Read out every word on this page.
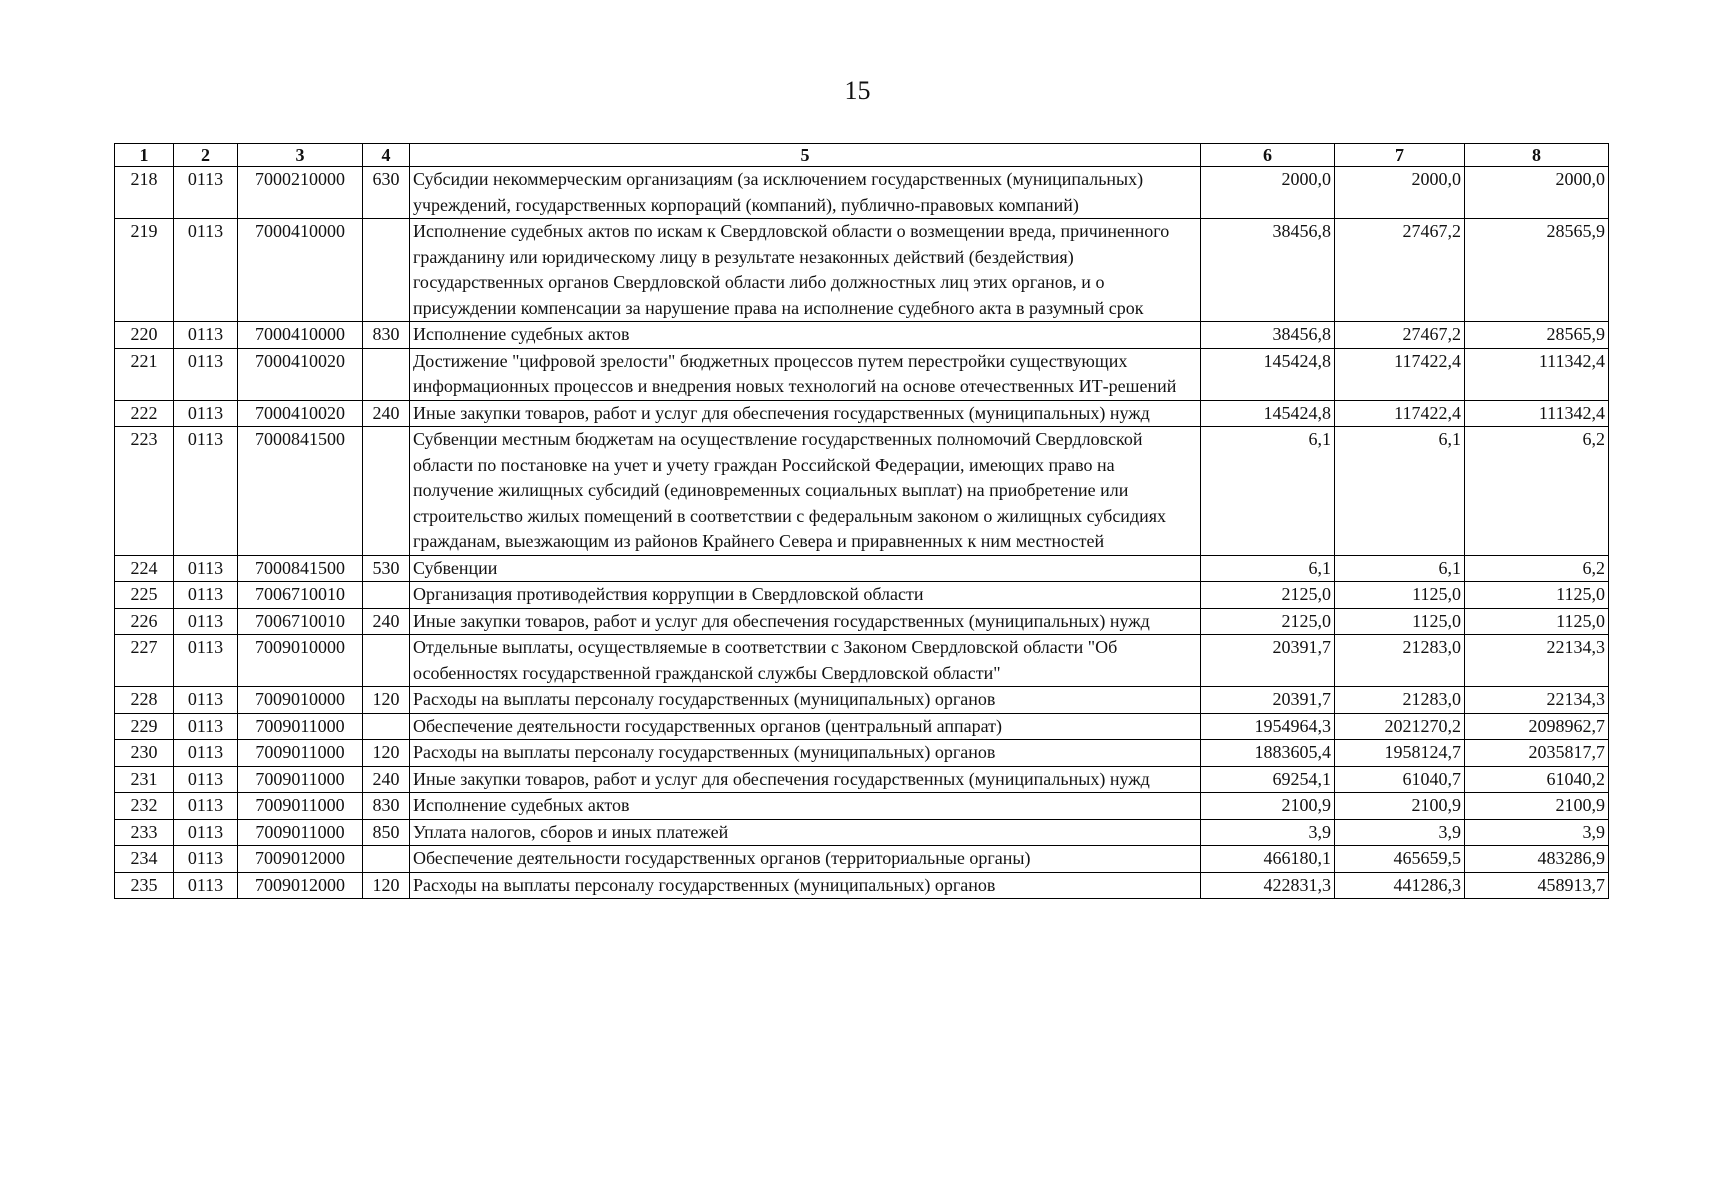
15
1	2	3	4	5	6	7	8
218	0113	7000210000	630	Субсидии некоммерческим организациям (за исключением государственных (муниципальных) учреждений, государственных корпораций (компаний), публично-правовых компаний)	2000,0	2000,0	2000,0
219	0113	7000410000		Исполнение судебных актов по искам к Свердловской области о возмещении вреда, причиненного гражданину или юридическому лицу в результате незаконных действий (бездействия) государственных органов Свердловской области либо должностных лиц этих органов, и о присуждении компенсации за нарушение права на исполнение судебного акта в разумный срок	38456,8	27467,2	28565,9
220	0113	7000410000	830	Исполнение судебных актов	38456,8	27467,2	28565,9
221	0113	7000410020		Достижение "цифровой зрелости" бюджетных процессов путем перестройки существующих информационных процессов и внедрения новых технологий на основе отечественных ИТ-решений	145424,8	117422,4	111342,4
222	0113	7000410020	240	Иные закупки товаров, работ и услуг для обеспечения государственных (муниципальных) нужд	145424,8	117422,4	111342,4
223	0113	7000841500		Субвенции местным бюджетам на осуществление государственных полномочий Свердловской области по постановке на учет и учету граждан Российской Федерации, имеющих право на получение жилищных субсидий (единовременных социальных выплат) на приобретение или строительство жилых помещений в соответствии с федеральным законом о жилищных субсидиях гражданам, выезжающим из районов Крайнего Севера и приравненных к ним местностей	6,1	6,1	6,2
224	0113	7000841500	530	Субвенции	6,1	6,1	6,2
225	0113	7006710010		Организация противодействия коррупции в Свердловской области	2125,0	1125,0	1125,0
226	0113	7006710010	240	Иные закупки товаров, работ и услуг для обеспечения государственных (муниципальных) нужд	2125,0	1125,0	1125,0
227	0113	7009010000		Отдельные выплаты, осуществляемые в соответствии с Законом Свердловской области "Об особенностях государственной гражданской службы Свердловской области"	20391,7	21283,0	22134,3
228	0113	7009010000	120	Расходы на выплаты персоналу государственных (муниципальных) органов	20391,7	21283,0	22134,3
229	0113	7009011000		Обеспечение деятельности государственных органов (центральный аппарат)	1954964,3	2021270,2	2098962,7
230	0113	7009011000	120	Расходы на выплаты персоналу государственных (муниципальных) органов	1883605,4	1958124,7	2035817,7
231	0113	7009011000	240	Иные закупки товаров, работ и услуг для обеспечения государственных (муниципальных) нужд	69254,1	61040,7	61040,2
232	0113	7009011000	830	Исполнение судебных актов	2100,9	2100,9	2100,9
233	0113	7009011000	850	Уплата налогов, сборов и иных платежей	3,9	3,9	3,9
234	0113	7009012000		Обеспечение деятельности государственных органов (территориальные органы)	466180,1	465659,5	483286,9
235	0113	7009012000	120	Расходы на выплаты персоналу государственных (муниципальных) органов	422831,3	441286,3	458913,7
